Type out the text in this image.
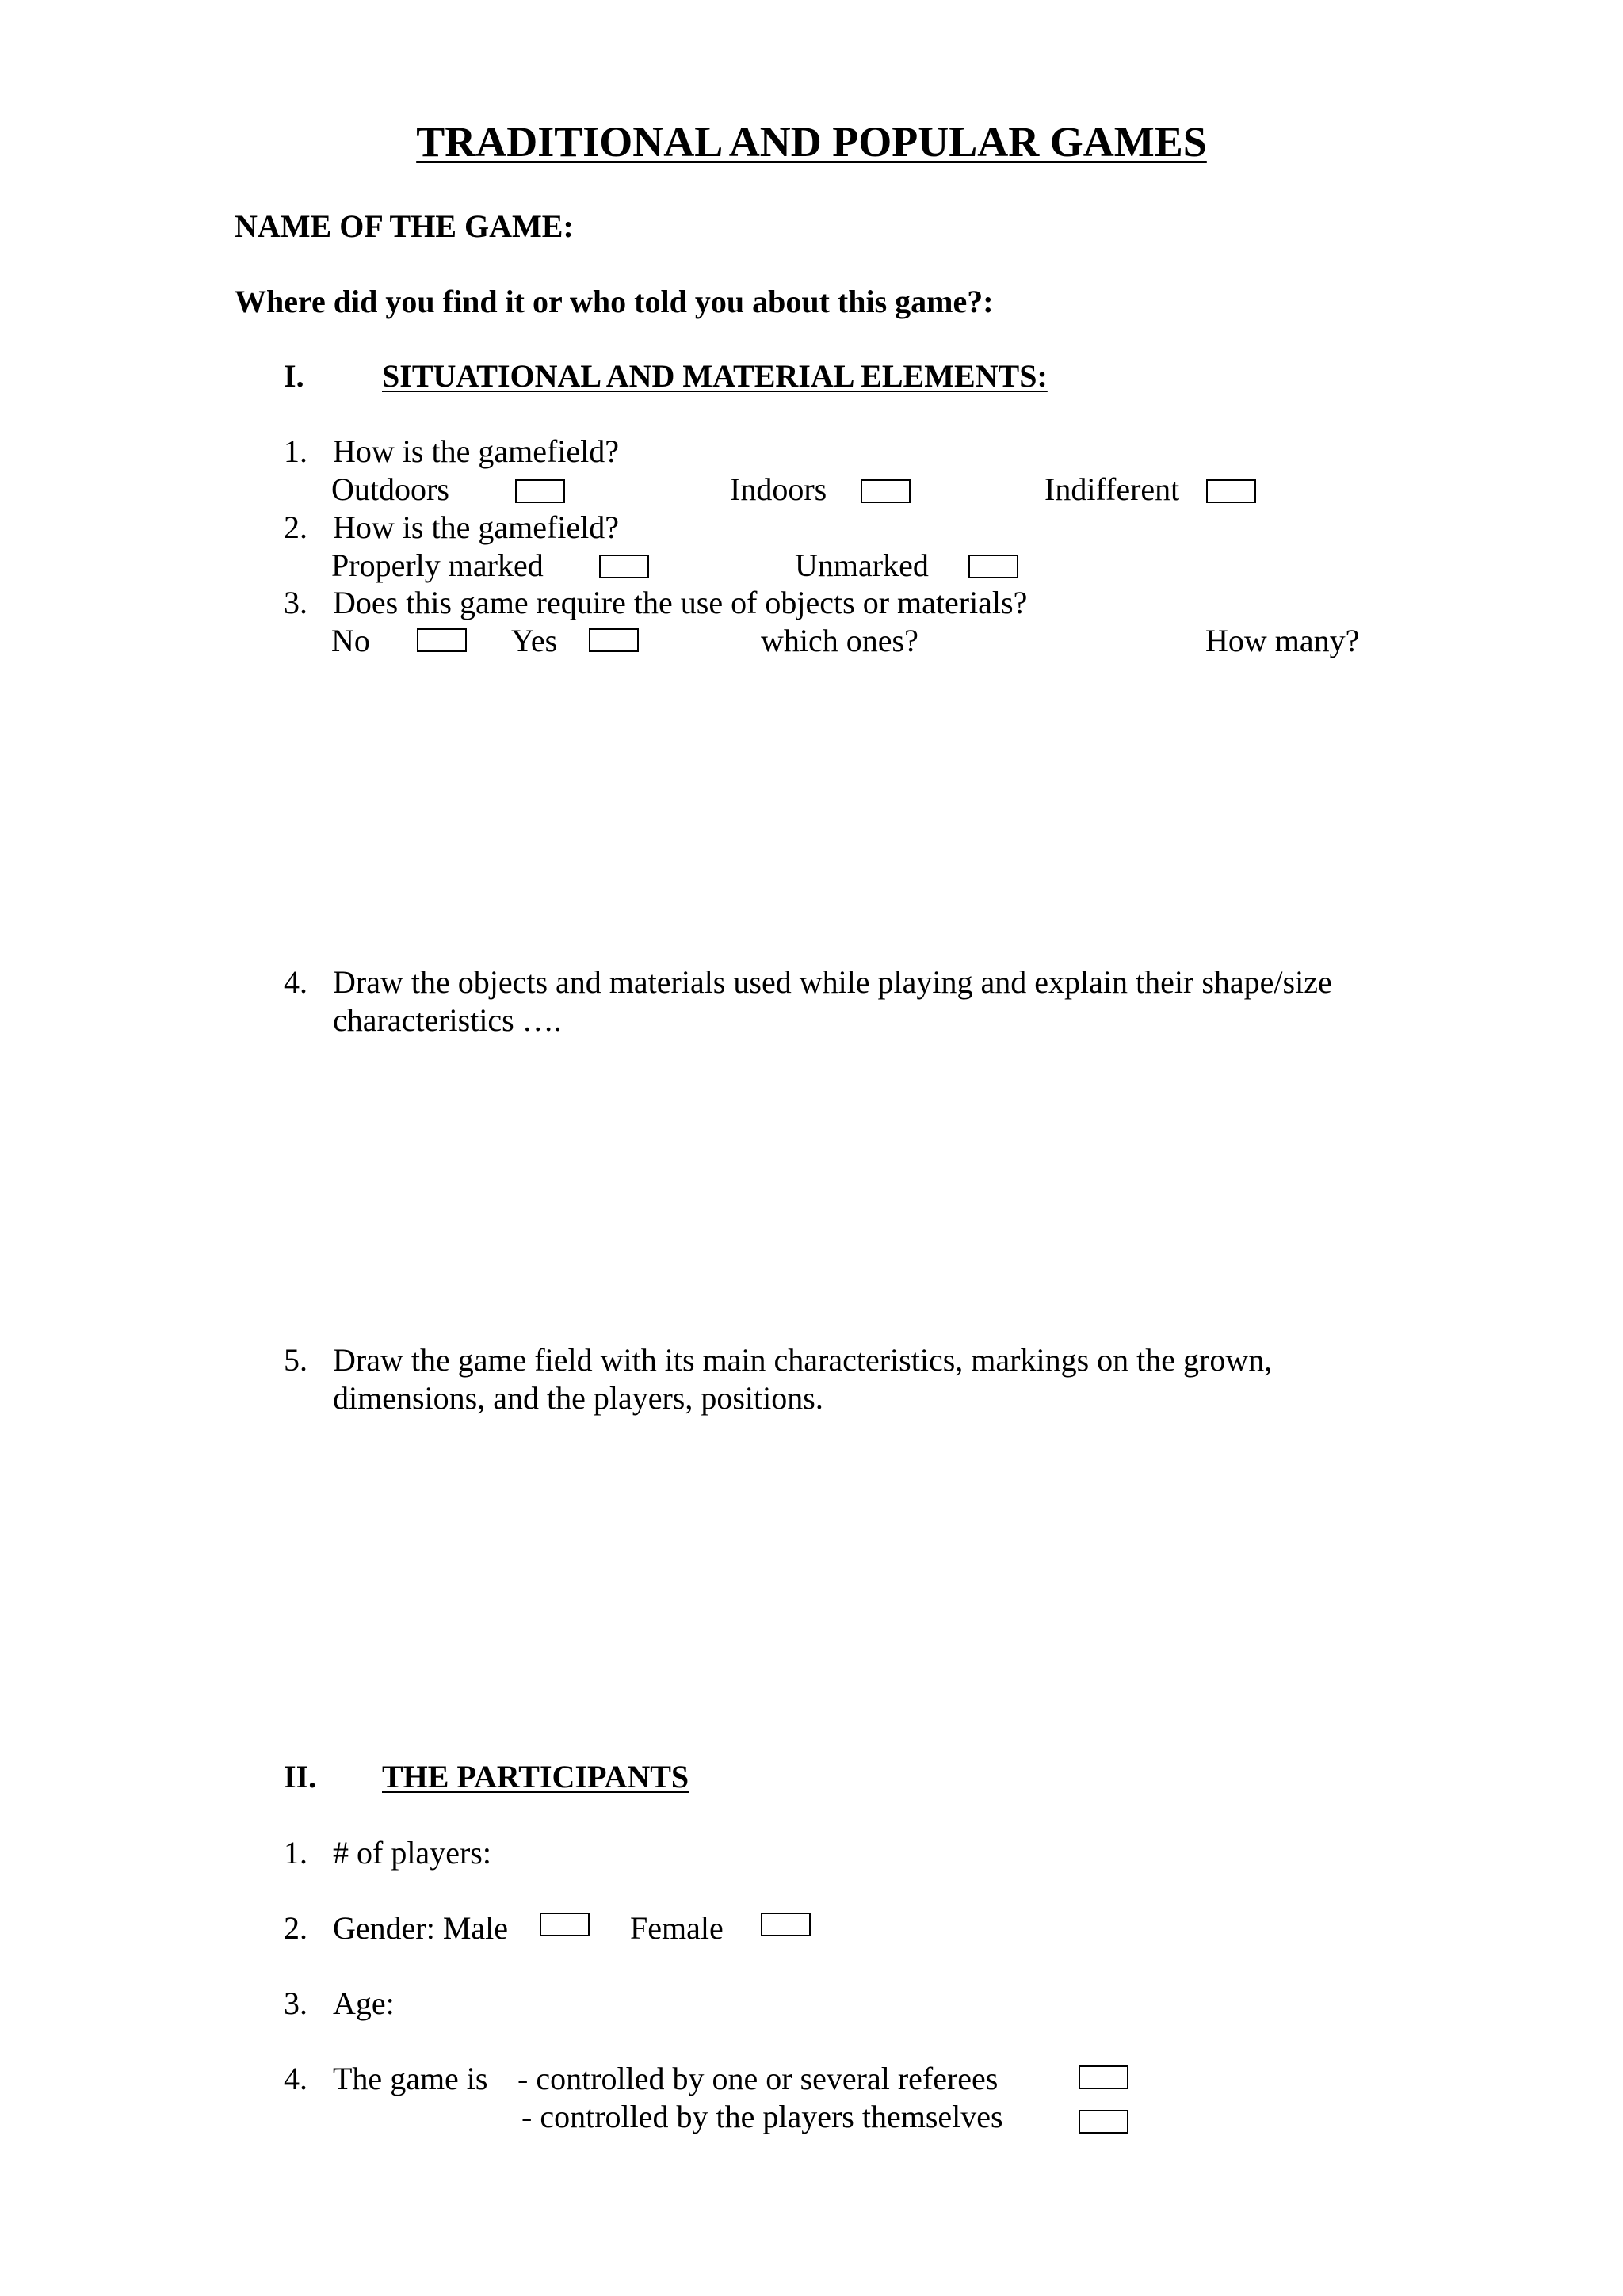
TRADITIONAL AND POPULAR GAMES
NAME OF THE GAME:
Where did you find it or who told you about this game?:
I. SITUATIONAL AND MATERIAL ELEMENTS:
1. How is the gamefield?
Outdoors	Indoors	Indifferent
2. How is the gamefield?
Properly marked	Unmarked
3. Does this game require the use of objects or materials?
No	Yes	which ones?	How many?
4. Draw the objects and materials used while playing and explain their shape/size
characteristics ….
5. Draw the game field with its main characteristics, markings on the grown,
dimensions, and the players, positions.
II. THE PARTICIPANTS
1. # of players:
2. Gender: Male	Female
3. Age:
4. The game is - controlled by one or several referees
- controlled by the players themselves
